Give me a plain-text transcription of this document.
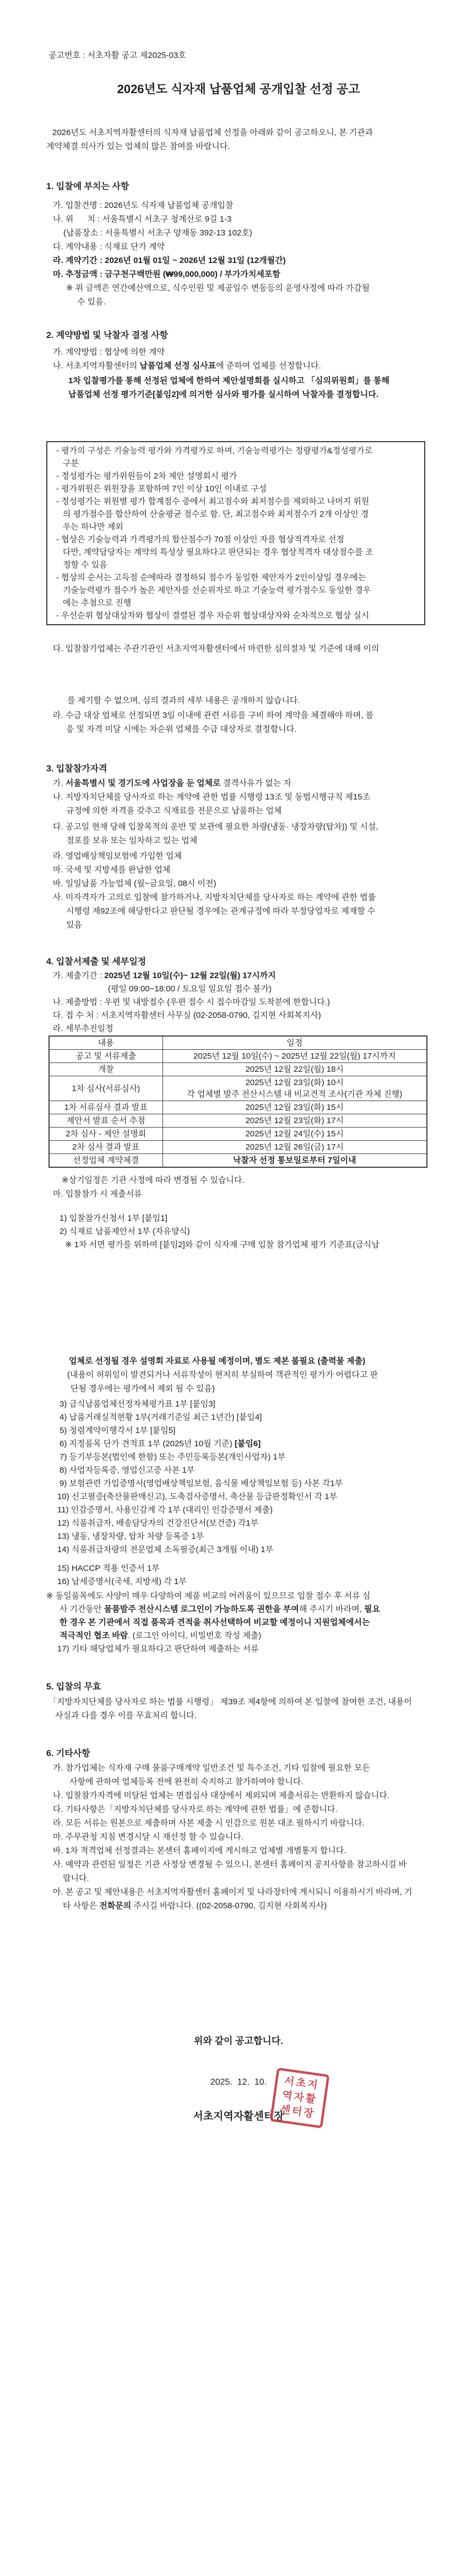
공고번호 : 서초자활 공고 제2025-03호
2026년도 식자재 납품업체 공개입찰 선정 공고
2026년도 서초지역자활센터의 식자재 납품업체 선정을 아래와 같이 공고하오니, 본 기관과
계약체결 의사가 있는 업체의 많은 참여를 바랍니다.
1. 입찰에 부치는 사항
가. 입찰건명 : 2026년도 식자재 납품업체 공개입찰
나. 위      치 : 서울특별시 서초구 청계산로 9길 1-3
(납품장소 : 서울특별시 서초구 양재동 392-13 102호)
다. 계약내용 : 식재료 단가 계약
라. 계약기간 : 2026년 01월 01일 ~ 2026년 12월 31일 (12개월간)
마. 추정금액 : 금구천구백만원 (₩99,000,000) / 부가가치세포함
※ 위 금액은 연간예산액으로, 식수인원 및 제공일수 변동등의 운영사정에 따라 가감될
수 있음.
2. 계약방법 및 낙찰자 결정 사항
가. 계약방법 : 협상에 의한 계약
나. 서초지역자활센터의 납품업체 선정 심사표에 준하여 업체를 선정합니다.
1차 입찰평가를 통해 선정된 업체에 한하여 제안설명회를 실시하고 「심의위원회」를 통해
납품업체 선정 평가기준[붙임2]에 의거한 심사와 평가를 실시하여 낙찰자를 결정합니다.
- 평가의 구성은 기술능력 평가와 가격평가로 하며, 기술능력평가는 정량평가&정성평가로
구분
- 정성평가는 평가위원들이 2차 제안 설명회시 평가
- 평가위원은 위원장을 포함하여 7인 이상 10인 이내로 구성
- 정성평가는 위원별 평가 합계점수 중에서 최고점수와 최저점수를 제외하고 나머지 위원
의 평가점수를 합산하여 산술평균 점수로 함. 단, 최고점수와 최저점수가 2개 이상인 경
우는 하나만 제외
- 협상은 기술능력과 가격평가의 합산점수가 70점 이상인 자를 협상적격자로 선정
다만, 계약담당자는 계약의 특성상 필요하다고 판단되는 경우 협상적격자 대상점수를 조
정할 수 있음
- 협상의 순서는 고득점 순에따라 결정하되 점수가 동일한 제안자가 2인이상일 경우에는
기술능력평가 점수가 높은 제안자를 선순위자로 하고 기술능력 평가점수도 동일한 경우
에는 추첨으로 진행
- 우선순위 협상대상자와 협상이 결렬된 경우 차순위 협상대상자와 순차적으로 협상 실시
다. 입찰참가업체는 주관기관인 서초지역자활센터에서 마련한 심의절차 및 기준에 대해 이의
를 제기할 수 없으며, 심의 결과의 세부 내용은 공개하지 않습니다.
라. 수급 대상 업체로 선정되면 3일 이내에 관련 서류를 구비 하여 계약을 체결해야 하며, 불
응 및 자격 미달 시에는 차순위 업체를 수급 대상자로 결정합니다.
3. 입찰참가자격
가. 서울특별시 및 경기도에 사업장을 둔 업체로 결격사유가 없는 자
나. 지방자치단체를 당사자로 하는 계약에 관한 법률 시행령 13조 및 동법시행규칙 제15조
규정에 의한 자격을 갖추고 식재료를 전문으로 납품하는 업체
다. 공고일 현재 당해 입찰목적의 운반 및 보관에 필요한 차량(냉동· 냉장차량(탑차)) 및 시설,
점포를 보유 또는 임차하고 있는 업체
라. 영업배상책임보험에 가입한 업체
마. 국세 및 지방세를 완납한 업체
바. 일일납품 가능업체 (월~금요일, 08시 이전)
사. 미자격자가 고의로 입찰에 참가하거나, 지방자치단체를 당사자로 하는 계약에 관한 법률
시행령 제92조에 해당한다고 판단될 경우에는 관계규정에 따라 부정당업자로 제재할 수
있음
4. 입찰서제출 및 세부일정
가. 제출기간 : 2025년 12월 10일(수)~ 12월 22일(월) 17시까지
(평일 09:00~18:00 / 토요일 일요일 접수 불가)
나. 제출방법 : 우편 및 내방접수 (우편 접수 시 접수마감일 도착분에 한합니다.)
다. 접 수 처 : 서초지역자활센터 사무실 (02-2058-0790, 김지현 사회복지사)
라. 세부추진일정
내용	일정
공고 및 서류제출	2025년 12월 10일(수) ~ 2025년 12월 22일(월) 17시까지

개찰	2025년 12월 22일(월) 18시

1차 심사(서류심사)	2025년 12월 23일(화) 10시
각 업체별 발주 전산시스템 내 비교견적 조사(기관 자체 진행)

1차 서류심사 결과 발표	2025년 12월 23일(화) 15시

제안서 발표 순서 추첨	2025년 12월 23일(화) 17시

2차 심사 - 제안 설명회	2025년 12월 24일(수) 15시

2차 심사 결과 발표	2025년 12월 26일(금) 17시

선정업체 계약체결	낙찰자 선정 통보일로부터 7일이내
※상기일정은 기관 사정에 따라 변경될 수 있습니다.
마. 입찰참가 시 제출서류
1) 입찰참가신청서 1부 [붙임1]
2) 식재료 납품제안서 1부 (자유양식)
※ 1차 서면 평가를 위하여 [붙임2]와 같이 식자재 구매 입찰 참가업체 평가 기준표(급식납
업체로 선정될 경우 설명회 자료로 사용될 예정이며, 별도 제본 불필요 (출력물 제출)
(내용이 허위임이 발견되거나 서류작성이 현저히 부실하여 객관적인 평가가 어렵다고 판
단될 경우에는 평가에서 제외 될 수 있음)
3) 급식납품업체선정자체평가표 1부 [붙임3]
4) 납품거래실적현황 1부(거래기준일 최근 1년간) [붙임4]
5) 청렴계약이행각서 1부 [붙임5]
6) 지정품목 단가 견적표 1부 (2025년 10월 기준) [붙임6]
7) 등기부등본(법인에 한함) 또는 주민등록등본(개인사업자) 1부
8) 사업자등록증, 영업신고증 사본 1부
9) 보험관련 가입증명서(영업배상책임보험, 음식물 배상책임보험 등) 사본 각1부
10) 신고필증(축산물판매신고), 도축검사증명서, 축산물 등급판정확인서 각 1부
11) 인감증명서, 사용인감계 각 1부 (대리인 인감증명서 제출)
12) 식품취급자, 배송담당자의 건강진단서(보건증) 각1부
13) 냉동, 냉장차량, 탑차 차량 등록증 1부
14) 식품취급차량의 전문업체 소독필증(최근 3개월 이내) 1부
15) HACCP 적용 인증서 1부
16) 납세증명서(국세, 지방세) 각 1부
※ 동일품목에도 사양이 매우 다양하여 제품 비교의 어려움이 있으므로 입찰 접수 후 서류 심
사 기간동안 물품발주 전산시스템 로그인이 가능하도록 권한을 부여해 주시기 바라며, 필요
한 경우 본 기관에서 직접 품목과 견적을 취사선택하여 비교할 예정이니 지원업체에서는
적극적인 협조 바람. (로그인 아이디, 비밀번호 작성 제출)
17) 기타 해당업체가 필요하다고 판단하여 제출하는 서류
5. 입찰의 무효
「지방자치단체를 당사자로 하는 법률 시행령」 제39조 제4항에 의하여 본 입찰에 참여한 조건, 내용이
사실과 다를 경우 이를 무효처리 합니다.
6. 기타사항
가. 참가업체는 식자재 구매 물품구매계약 일반조건 및 특수조건, 기타 입찰에 필요한 모든
사항에 관하여 업체등록 전에 완전히 숙지하고 참가하여야 합니다.
나. 입찰참가자격에 미달된 업체는 면접심사 대상에서 제외되며 제출서류는 반환하지 않습니다.
다. 기타사항은「지방자치단체를 당사자로 하는 계약에 관한 법률」에 준합니다.
라. 모든 서류는 원본으로 제출하며 사본 제출 시 인감으로 원본 대조 필하시기 바랍니다.
마. 주무관청 지침 변경시달 시 재선정 할 수 있습니다.
바. 1차 적격업체 선정결과는 본센터 홈페이지에 게시하고 업체별 개별통지 합니다.
사. 예약과 관련된 일정은 기관 사정상 변경될 수 있으니, 본센터 홈페이지 공지사항을 참고하시길 바
랍니다.
아. 본 공고 및 제안내용은 서초지역자활센터 홈페이지 및 나라장터에 게시되니 이용하시기 바라며, 기
타 사항은 전화문의 주시길 바랍니다. ((02-2058-0790, 김지현 사회복지사)
위와 같이 공고합니다.
2025.  12.  10.
서초지역자활센터장
서초지역자활센터장
